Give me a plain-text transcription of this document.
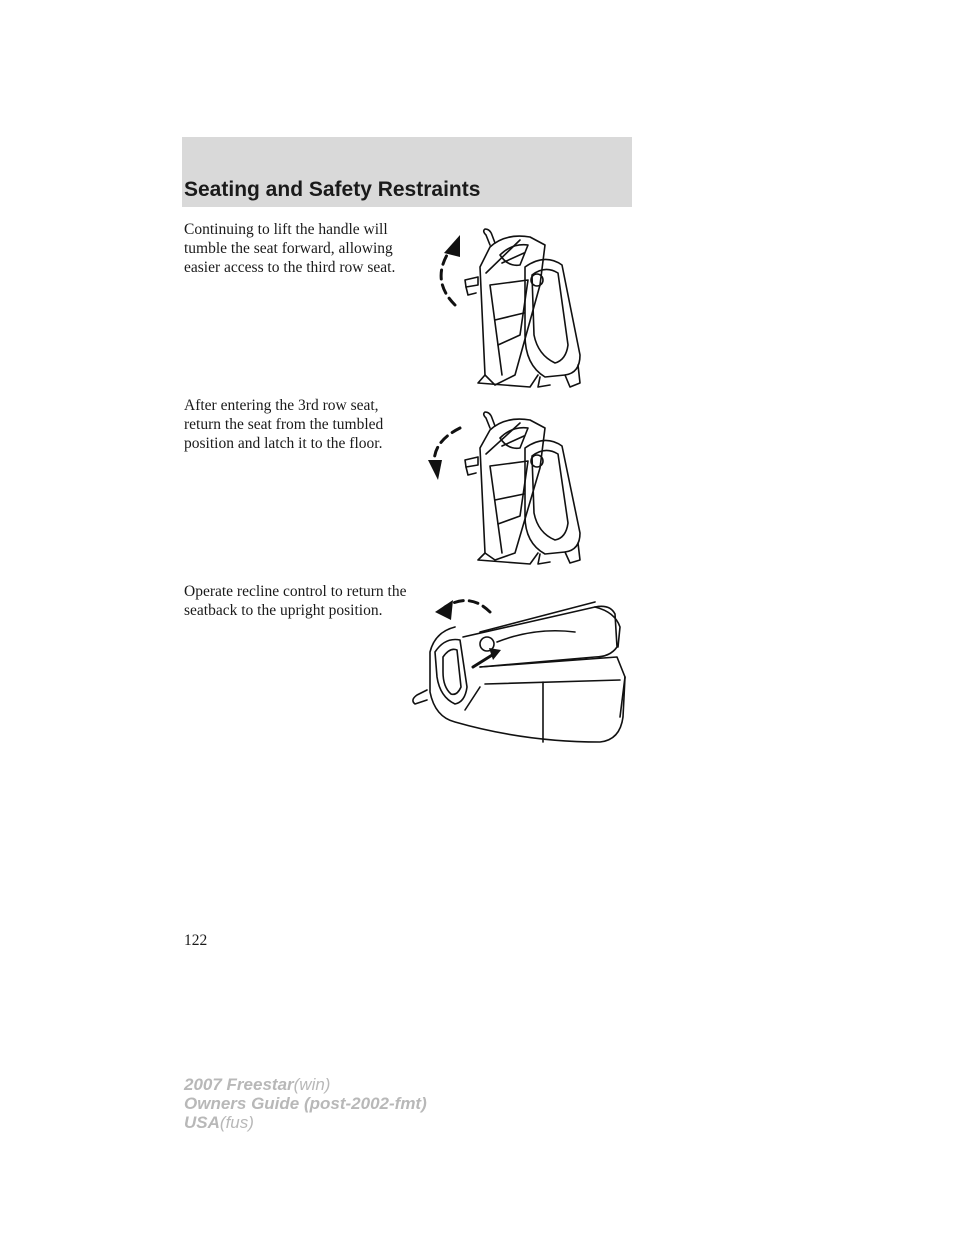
Seating and Safety Restraints

Continuing to lift the handle will
tumble the seat forward, allowing
easier access to the third row seat.

After entering the 3rd row seat,
return the seat from the tumbled
position and latch it to the floor.

Operate recline control to return the
seatback to the upright position.

122
2007 Freestar(win)
Owners Guide (post-2002-fmt)
USA(fus)
